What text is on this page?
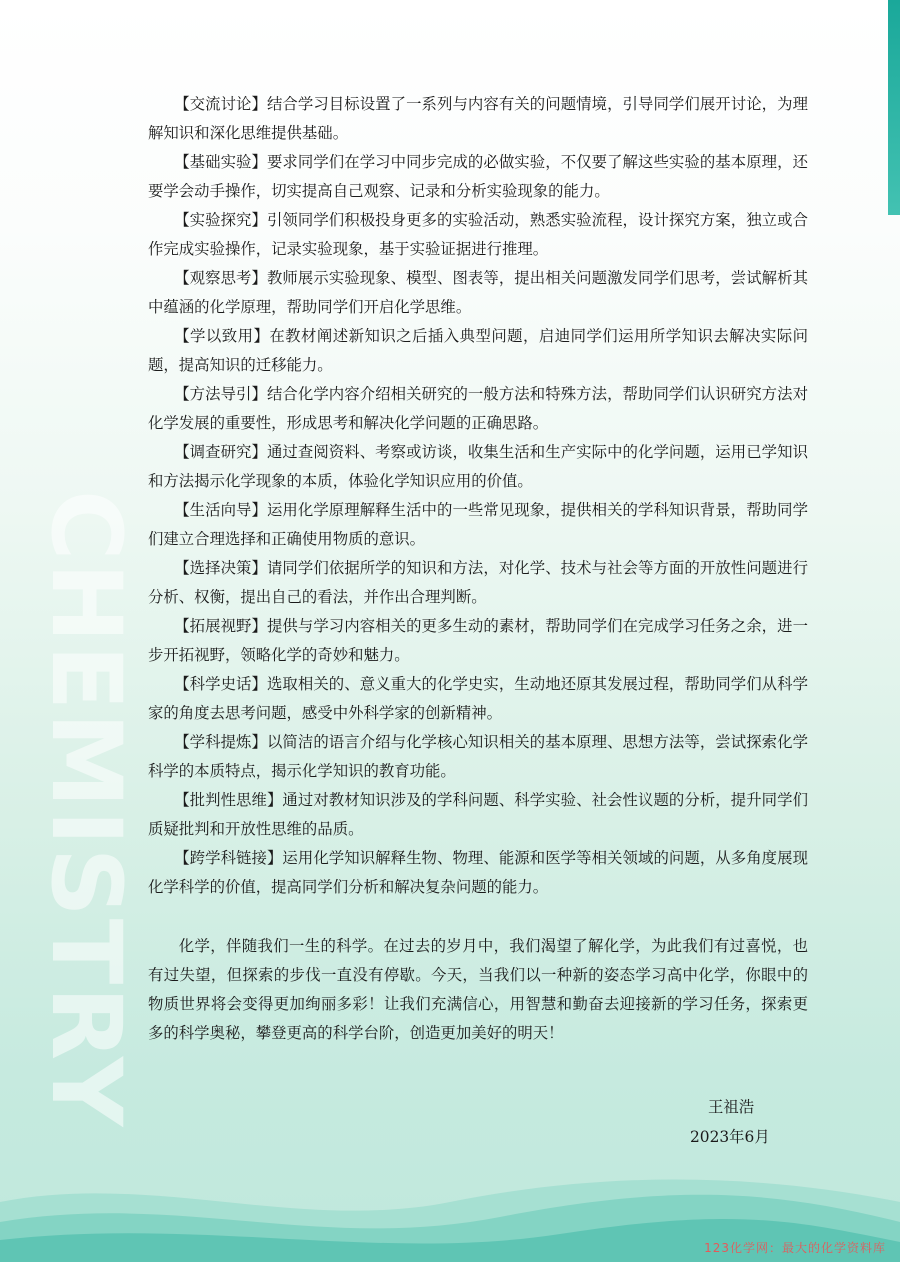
CHEMISTRY

【交流讨论】结合学习目标设置了一系列与内容有关的问题情境，引导同学们展开讨论，为理解知识和深化思维提供基础。

【基础实验】要求同学们在学习中同步完成的必做实验，不仅要了解这些实验的基本原理，还要学会动手操作，切实提高自己观察、记录和分析实验现象的能力。

【实验探究】引领同学们积极投身更多的实验活动，熟悉实验流程，设计探究方案，独立或合作完成实验操作，记录实验现象，基于实验证据进行推理。

【观察思考】教师展示实验现象、模型、图表等，提出相关问题激发同学们思考，尝试解析其中蕴涵的化学原理，帮助同学们开启化学思维。

【学以致用】在教材阐述新知识之后插入典型问题，启迪同学们运用所学知识去解决实际问题，提高知识的迁移能力。

【方法导引】结合化学内容介绍相关研究的一般方法和特殊方法，帮助同学们认识研究方法对化学发展的重要性，形成思考和解决化学问题的正确思路。

【调查研究】通过查阅资料、考察或访谈，收集生活和生产实际中的化学问题，运用已学知识和方法揭示化学现象的本质，体验化学知识应用的价值。

【生活向导】运用化学原理解释生活中的一些常见现象，提供相关的学科知识背景，帮助同学们建立合理选择和正确使用物质的意识。

【选择决策】请同学们依据所学的知识和方法，对化学、技术与社会等方面的开放性问题进行分析、权衡，提出自己的看法，并作出合理判断。

【拓展视野】提供与学习内容相关的更多生动的素材，帮助同学们在完成学习任务之余，进一步开拓视野，领略化学的奇妙和魅力。

【科学史话】选取相关的、意义重大的化学史实，生动地还原其发展过程，帮助同学们从科学家的角度去思考问题，感受中外科学家的创新精神。

【学科提炼】以简洁的语言介绍与化学核心知识相关的基本原理、思想方法等，尝试探索化学科学的本质特点，揭示化学知识的教育功能。

【批判性思维】通过对教材知识涉及的学科问题、科学实验、社会性议题的分析，提升同学们质疑批判和开放性思维的品质。

【跨学科链接】运用化学知识解释生物、物理、能源和医学等相关领域的问题，从多角度展现化学科学的价值，提高同学们分析和解决复杂问题的能力。

化学，伴随我们一生的科学。在过去的岁月中，我们渴望了解化学，为此我们有过喜悦，也有过失望，但探索的步伐一直没有停歇。今天，当我们以一种新的姿态学习高中化学，你眼中的物质世界将会变得更加绚丽多彩！让我们充满信心，用智慧和勤奋去迎接新的学习任务，探索更多的科学奥秘，攀登更高的科学台阶，创造更加美好的明天！

王祖浩
2023年6月
123化学网：最大的化学资料库
